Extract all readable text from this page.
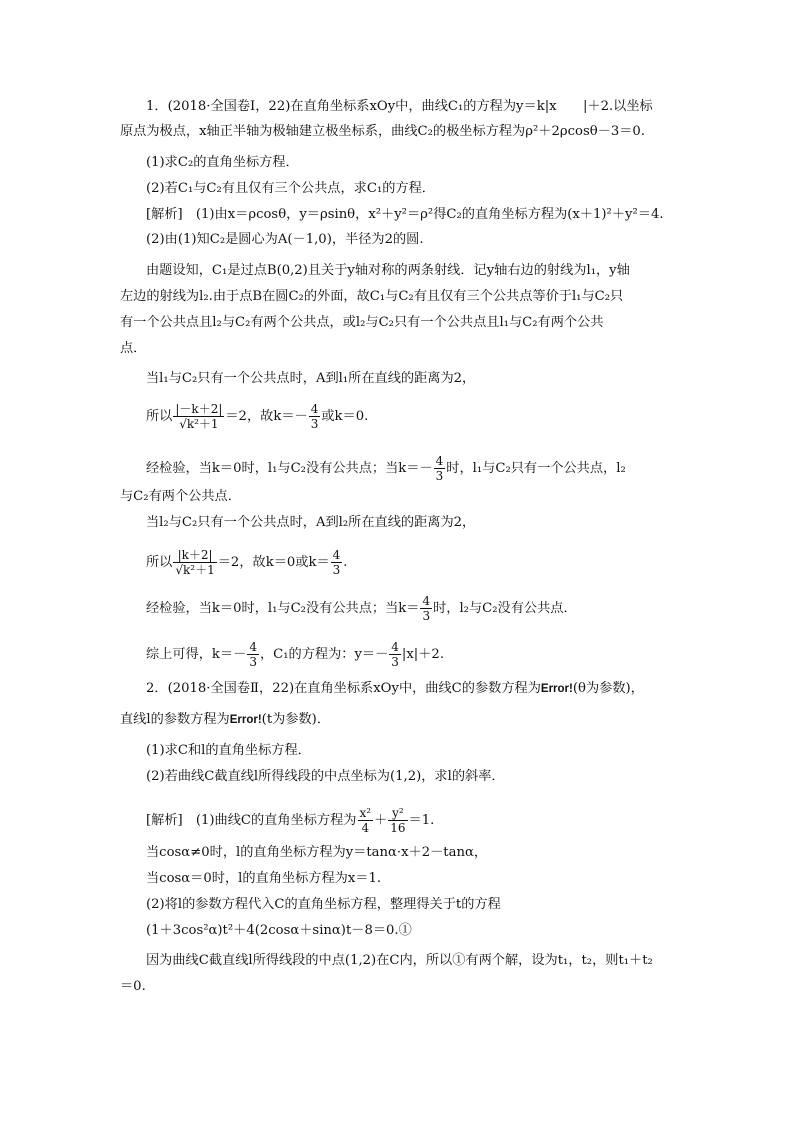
1．(2018·全国卷Ⅰ，22)在直角坐标系xOy中，曲线C₁的方程为y＝k|x　　|＋2.以坐标
原点为极点，x轴正半轴为极轴建立极坐标系，曲线C₂的极坐标方程为ρ²＋2ρcosθ－3＝0.
(1)求C₂的直角坐标方程．
(2)若C₁与C₂有且仅有三个公共点，求C₁的方程．
[解析]　(1)由x＝ρcosθ，y＝ρsinθ，x²＋y²＝ρ²得C₂的直角坐标方程为(x＋1)²＋y²＝4.
(2)由(1)知C₂是圆心为A(－1,0)，半径为2的圆.
由题设知，C₁是过点B(0,2)且关于y轴对称的两条射线．记y轴右边的射线为l₁，y轴
左边的射线为l₂.由于点B在圆C₂的外面，故C₁与C₂有且仅有三个公共点等价于l₁与C₂只
有一个公共点且l₂与C₂有两个公共点，或l₂与C₂只有一个公共点且l₁与C₂有两个公共
点．
当l₁与C₂只有一个公共点时，A到l₁所在直线的距离为2，
所以 $\frac{|-k+2|}{\text{√k²＋1}} =2$，故$k=- \frac{4}{3}$ 或k＝0.
经检验，当k＝0时，l₁与C₂没有公共点；当$k=- \frac{4}{3}$ 时，l₁与C₂只有一个公共点，l₂
与C₂有两个公共点．
当l₂与C₂只有一个公共点时，A到l₂所在直线的距离为2，
所以 $\frac{|k+2|}{\text{√k²＋1}} =2$，故k＝0或$k= \frac{4}{3}$ .
经检验，当k＝0时，l₁与C₂没有公共点；当$k= \frac{4}{3}$ 时，l₂与C₂没有公共点．
综上可得，$k=- \frac{4}{3}$ ，C₁的方程为：$y=- \frac{4}{3} |x|+2$.
2．(2018·全国卷Ⅱ，22)在直角坐标系xOy中，曲线C的参数方程为Error!(θ为参数)，
直线l的参数方程为Error!(t为参数)．
(1)求C和l的直角坐标方程．
(2)若曲线C截直线l所得线段的中点坐标为(1,2)，求l的斜率．
[解析]　(1)曲线C的直角坐标方程为 $\frac{\text{x²}}{4} + \frac{\text{y²}}{16} =1$.
当cosα≠0时，l的直角坐标方程为y＝tanα·x＋2－tanα，
当cosα＝0时，l的直角坐标方程为x＝1.
(2)将l的参数方程代入C的直角坐标方程，整理得关于t的方程
(1＋3cos²α)t²＋4(2cosα＋sinα)t－8＝0.①
因为曲线C截直线l所得线段的中点(1,2)在C内，所以①有两个解，设为t₁，t₂，则t₁＋t₂
＝0.
